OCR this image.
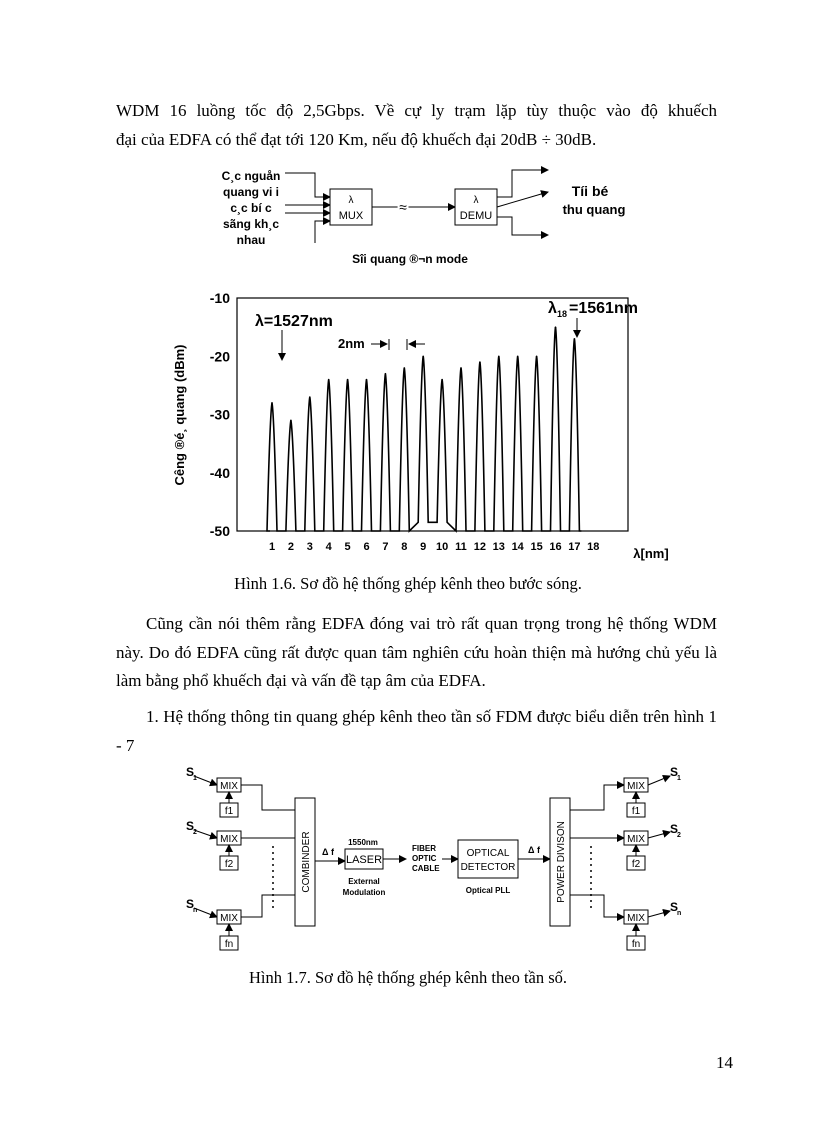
WDM 16 luồng tốc độ 2,5Gbps. Về cự ly trạm lặp tùy thuộc vào độ khuếch
đại của EDFA có thể đạt tới 120 Km, nếu độ khuếch đại 20dB ÷ 30dB.
Cũng cần nói thêm rằng EDFA đóng vai trò rất quan trọng trong hệ thống WDM này. Do đó EDFA cũng rất được quan tâm nghiên cứu hoàn thiện mà hướng chủ yếu là làm bằng phổ khuếch đại và vấn đề tạp âm của EDFA.
1. Hệ thống thông tin quang ghép kênh theo tần số FDM được biểu diễn trên hình 1 - 7
Hình 1.6. Sơ đồ hệ thống ghép kênh theo bước sóng.
Hình 1.7. Sơ đồ hệ thống ghép kênh theo tần số.
14
C¸c nguån
quang vi i
c¸c bí c
sãng kh¸c
nhau
λ
MUX
≈	λ
DEMU
Tíi bé
thu quang
Sîi quang ®¬n mode
-10
-20
-30
-40
-50
1 2 3 4 5 6 7 8 9 10 11 12 13 14 15 16 17 18
Cêng ®é¸ quang (dBm)
λ[nm]
λ=1527nm
λ 18 =1561nm
2nm
S
1
MIX
f1
S
2
MIX
f2
S
n
MIX
fn
COMBINDER Δ f
1550nm
LASER
External
Modulation
FIBER
OPTIC
CABLE
OPTICAL
DETECTOR
Optical PLL
Δ f POWER DIVISON
MIX
f1
S
1
MIX
f2
S
2
MIX
fn
S
n
